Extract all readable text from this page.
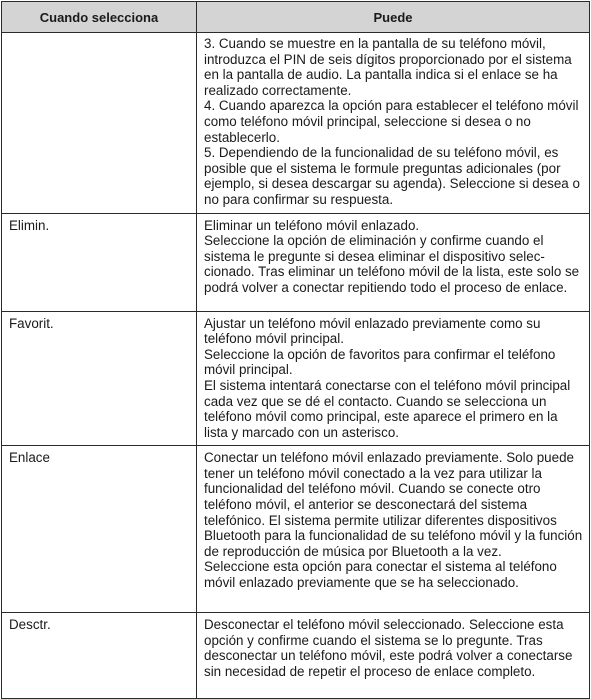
Cuando selecciona	Puede

	3. Cuando se muestre en la pantalla de su teléfono móvil, introduzca el PIN de seis dígitos proporcionado por el sistema en la pantalla de audio. La pantalla indica si el enlace se ha realizado correctamente.
4. Cuando aparezca la opción para establecer el teléfono móvil como teléfono móvil principal, seleccione si desea o no establecerlo.
5. Dependiendo de la funcionalidad de su teléfono móvil, es posible que el sistema le formule preguntas adicionales (por ejemplo, si desea descargar su agenda). Seleccione si desea o no para confirmar su respuesta.

Elimin.	Eliminar un teléfono móvil enlazado.
Seleccione la opción de eliminación y confirme cuando el sistema le pregunte si desea eliminar el dispositivo seleccionado. Tras eliminar un teléfono móvil de la lista, este solo se podrá volver a conectar repitiendo todo el proceso de enlace.

Favorit.	Ajustar un teléfono móvil enlazado previamente como su teléfono móvil principal.
Seleccione la opción de favoritos para confirmar el teléfono móvil principal.
El sistema intentará conectarse con el teléfono móvil principal cada vez que se dé el contacto. Cuando se selecciona un teléfono móvil como principal, este aparece el primero en la lista y marcado con un asterisco.

Enlace	Conectar un teléfono móvil enlazado previamente. Solo puede tener un teléfono móvil conectado a la vez para utilizar la funcionalidad del teléfono móvil. Cuando se conecte otro teléfono móvil, el anterior se desconectará del sistema telefónico. El sistema permite utilizar diferentes dispositivos Bluetooth para la funcionalidad de su teléfono móvil y la función de reproducción de música por Bluetooth a la vez.
Seleccione esta opción para conectar el sistema al teléfono móvil enlazado previamente que se ha seleccionado.

Desctr.	Desconectar el teléfono móvil seleccionado. Seleccione esta opción y confirme cuando el sistema se lo pregunte. Tras desconectar un teléfono móvil, este podrá volver a conectarse sin necesidad de repetir el proceso de enlace completo.
